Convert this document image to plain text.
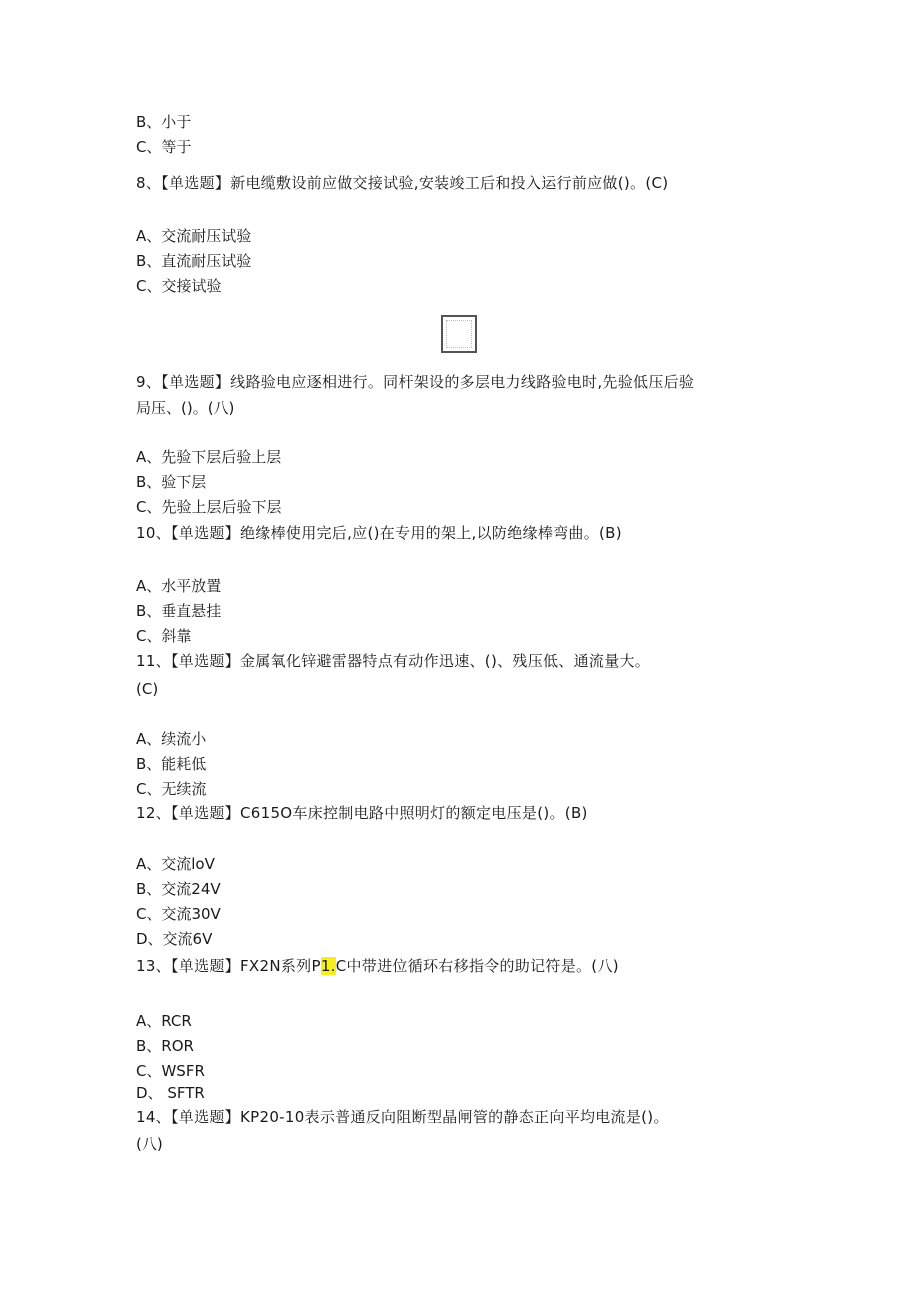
B、小于
C、等于
8、【单选题】新电缆敷设前应做交接试验,安装竣工后和投入运行前应做()。(C)
A、交流耐压试验
B、直流耐压试验
C、交接试验
9、【单选题】线路验电应逐相进行。同杆架设的多层电力线路验电时,先验低压后验
局压、()。(八)
A、先验下层后验上层
B、验下层
C、先验上层后验下层
10、【单选题】绝缘棒使用完后,应()在专用的架上,以防绝缘棒弯曲。(B)
A、水平放置
B、垂直悬挂
C、斜靠
11、【单选题】金属氧化锌避雷器特点有动作迅速、()、残压低、通流量大。
(C)
A、续流小
B、能耗低
C、无续流
12、【单选题】C615O车床控制电路中照明灯的额定电压是()。(B)
A、交流loV
B、交流24V
C、交流30V
D、交流6V
13、【单选题】FX2N系列P1.C中带进位循环右移指令的助记符是。(八)
A、RCR
B、ROR
C、WSFR
D、 SFTR
14、【单选题】KP20-10表示普通反向阻断型晶闸管的静态正向平均电流是()。
(八)
